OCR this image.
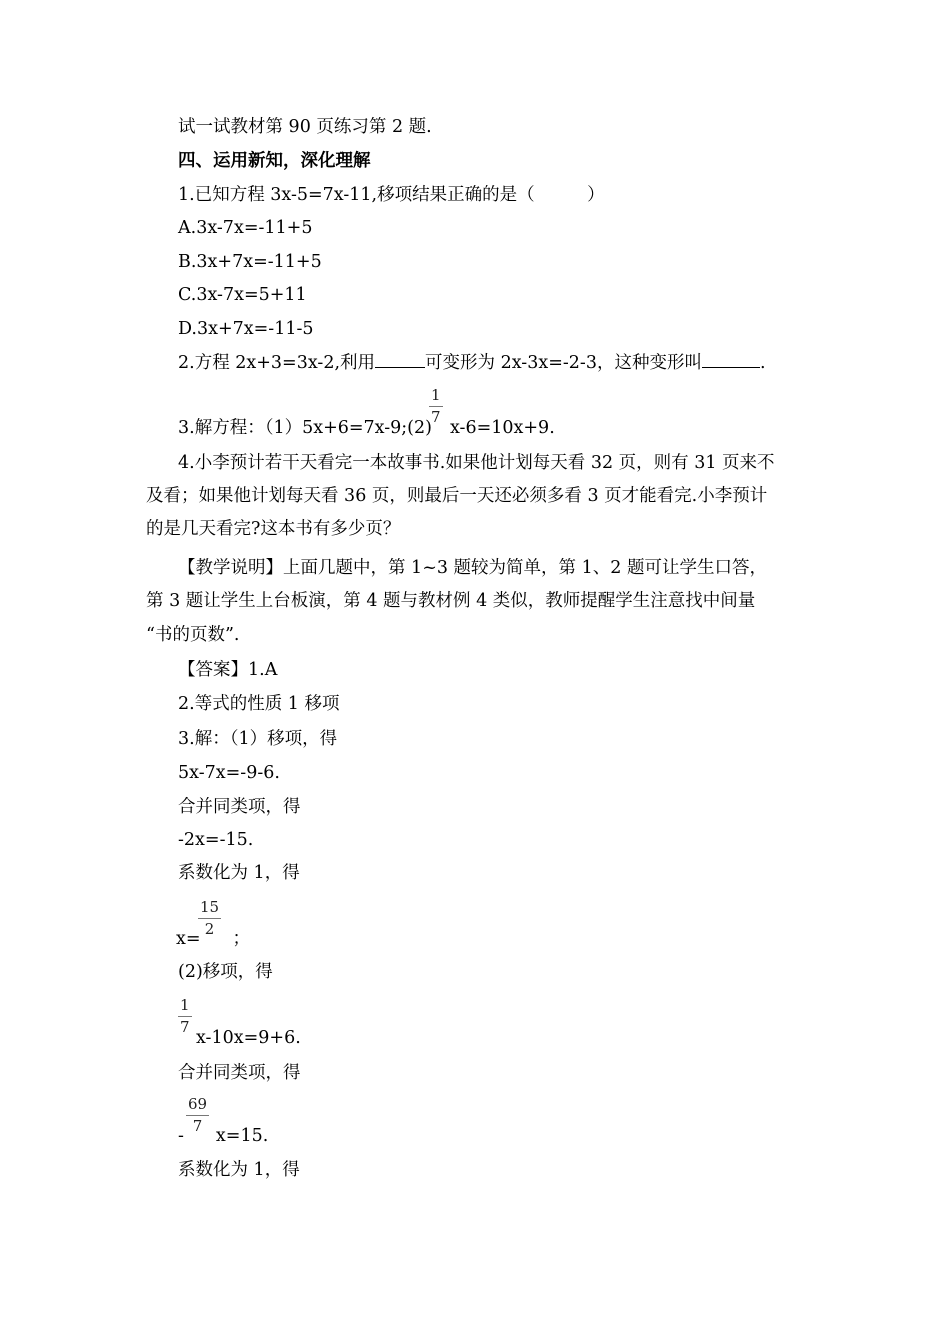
试一试教材第 90 页练习第 2 题.
四、运用新知，深化理解
1.已知方程 3x-5=7x-11,移项结果正确的是（　　　）
A.3x-7x=-11+5
B.3x+7x=-11+5
C.3x-7x=5+11
D.3x+7x=-11-5
2.方程 2x+3=3x-2,利用	可变形为 2x-3x=-2-3，这种变形叫	.
3.解方程：（1）5x+6=7x-9;(2) x-6=10x+9.
1
7
4.小李预计若干天看完一本故事书.如果他计划每天看 32 页，则有 31 页来不
及看；如果他计划每天看 36 页，则最后一天还必须多看 3 页才能看完.小李预计
的是几天看完?这本书有多少页？
【教学说明】上面几题中，第 1~3 题较为简单，第 1、2 题可让学生口答，
第 3 题让学生上台板演，第 4 题与教材例 4 类似，教师提醒学生注意找中间量
“书的页数”.
【答案】1.A
2.等式的性质 1 移项
3.解：（1）移项，得
5x-7x=-9-6.
合并同类项，得
-2x=-15.
系数化为 1，得
x= ；
15
2
(2)移项，得
x-10x=9+6.
1
7
合并同类项，得
- x=15.
69
7
系数化为 1，得
